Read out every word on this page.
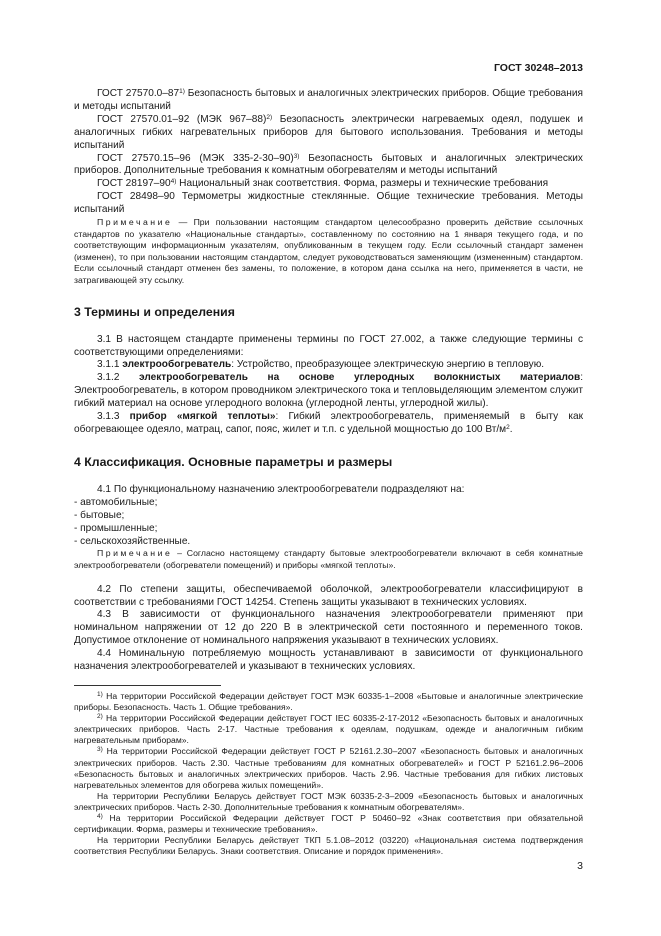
ГОСТ 30248–2013

ГОСТ 27570.0–87$^{1)}$ Безопасность бытовых и аналогичных электрических приборов. Общие требования и методы испытаний

ГОСТ 27570.01–92 (МЭК 967–88)$^{2)}$ Безопасность электрически нагреваемых одеял, подушек и аналогичных гибких нагревательных приборов для бытового использования. Требования и методы испытаний

ГОСТ 27570.15–96 (МЭК 335-2-30–90)$^{3)}$ Безопасность бытовых и аналогичных электрических приборов. Дополнительные требования к комнатным обогревателям и методы испытаний

ГОСТ 28197–90$^{4)}$ Национальный знак соответствия. Форма, размеры и технические требования

ГОСТ 28498–90 Термометры жидкостные стеклянные. Общие технические требования. Методы испытаний

Примечание — При пользовании настоящим стандартом целесообразно проверить действие ссылочных стандартов по указателю «Национальные стандарты», составленному по состоянию на 1 января текущего года, и по соответствующим информационным указателям, опубликованным в текущем году. Если ссылочный стандарт заменен (изменен), то при пользовании настоящим стандартом, следует руководствоваться заменяющим (измененным) стандартом. Если ссылочный стандарт отменен без замены, то положение, в котором дана ссылка на него, применяется в части, не затрагивающей эту ссылку.

3 Термины и определения

3.1 В настоящем стандарте применены термины по ГОСТ 27.002, а также следующие термины с соответствующими определениями:

3.1.1 электрообогреватель: Устройство, преобразующее электрическую энергию в тепловую.

3.1.2 электрообогреватель на основе углеродных волокнистых материалов: Электрообогреватель, в котором проводником электрического тока и тепловыделяющим элементом служит гибкий материал на основе углеродного волокна (углеродной ленты, углеродной жилы).

3.1.3 прибор «мягкой теплоты»: Гибкий электрообогреватель, применяемый в быту как обогревающее одеяло, матрац, сапог, пояс, жилет и т.п. с удельной мощностью до 100 $Вт/м^2$.

4 Классификация. Основные параметры и размеры

4.1 По функциональному назначению электрообогреватели подразделяют на:

- автомобильные;

- бытовые;

- промышленные;

- сельскохозяйственные.

Примечание – Согласно настоящему стандарту бытовые электрообогреватели включают в себя комнатные электрообогреватели (обогреватели помещений) и приборы «мягкой теплоты».

4.2 По степени защиты, обеспечиваемой оболочкой, электрообогреватели классифицируют в соответствии с требованиями ГОСТ 14254. Степень защиты указывают в технических условиях.

4.3 В зависимости от функционального назначения электрообогреватели применяют при номинальном напряжении от 12 до 220 В в электрической сети постоянного и переменного токов. Допустимое отклонение от номинального напряжения указывают в технических условиях.

4.4 Номинальную потребляемую мощность устанавливают в зависимости от функционального назначения электрообогревателей и указывают в технических условиях.

$^{1)}$ На территории Российской Федерации действует ГОСТ МЭК 60335-1–2008 «Бытовые и аналогичные электрические приборы. Безопасность. Часть 1. Общие требования».

$^{2)}$ На территории Российской Федерации действует ГОСТ IEC 60335-2-17-2012 «Безопасность бытовых и аналогичных электрических приборов. Часть 2-17. Частные требования к одеялам, подушкам, одежде и аналогичным гибким нагревательным приборам».

$^{3)}$ На территории Российской Федерации действует ГОСТ Р 52161.2.30–2007 «Безопасность бытовых и аналогичных электрических приборов. Часть 2.30. Частные требованиям для комнатных обогревателей» и ГОСТ Р 52161.2.96–2006 «Безопасность бытовых и аналогичных электрических приборов. Часть 2.96. Частные требования для гибких листовых нагревательных элементов для обогрева жилых помещений».

На территории Республики Беларусь действует ГОСТ МЭК 60335-2-3–2009 «Безопасность бытовых и аналогичных электрических приборов. Часть 2-30. Дополнительные требования к комнатным обогревателям».

$^{4)}$ На территории Российской Федерации действует ГОСТ Р 50460–92 «Знак соответствия при обязательной сертификации. Форма, размеры и технические требования».

На территории Республики Беларусь действует ТКП 5.1.08–2012 (03220) «Национальная система подтверждения соответствия Республики Беларусь. Знаки соответствия. Описание и порядок применения».

3
